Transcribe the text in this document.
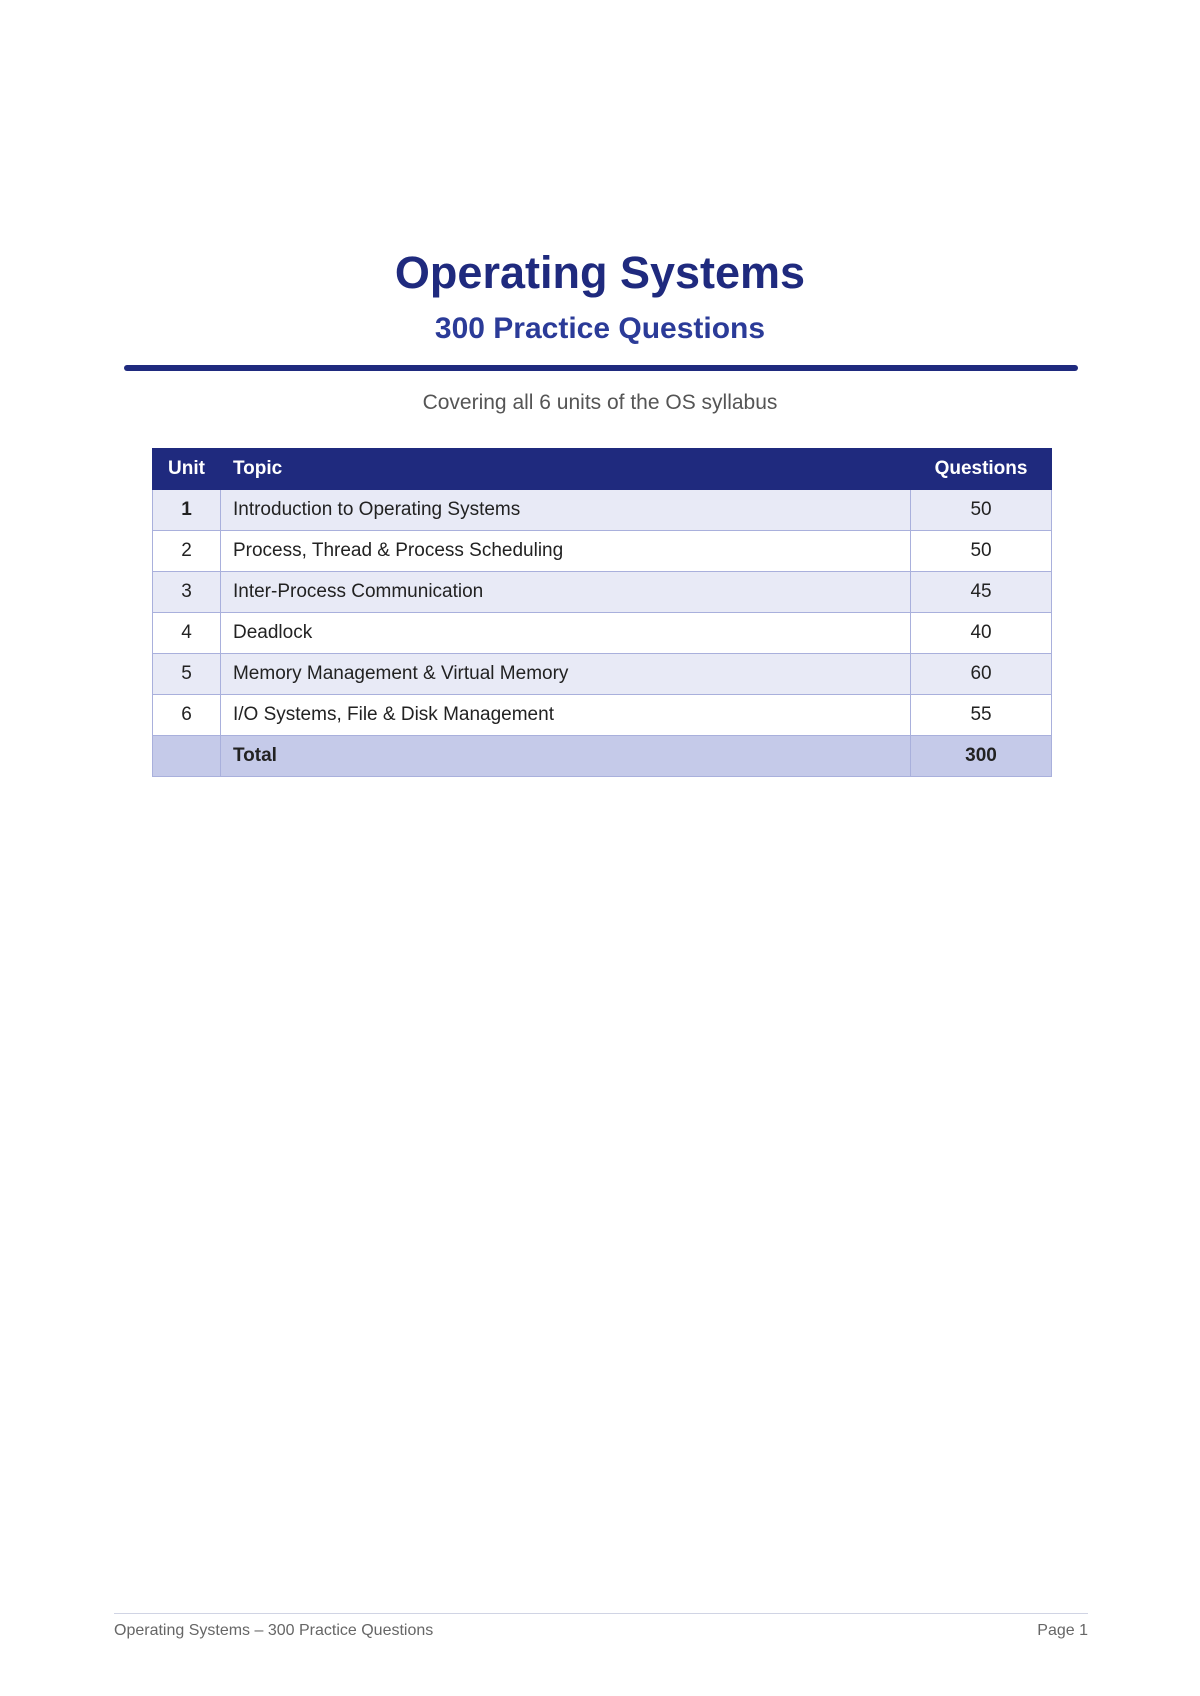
Operating Systems
300 Practice Questions
Covering all 6 units of the OS syllabus
Unit	Topic	Questions
1	Introduction to Operating Systems	50
2	Process, Thread & Process Scheduling	50
3	Inter-Process Communication	45
4	Deadlock	40
5	Memory Management & Virtual Memory	60
6	I/O Systems, File & Disk Management	55
	Total	300
Operating Systems – 300 Practice Questions	Page 1
